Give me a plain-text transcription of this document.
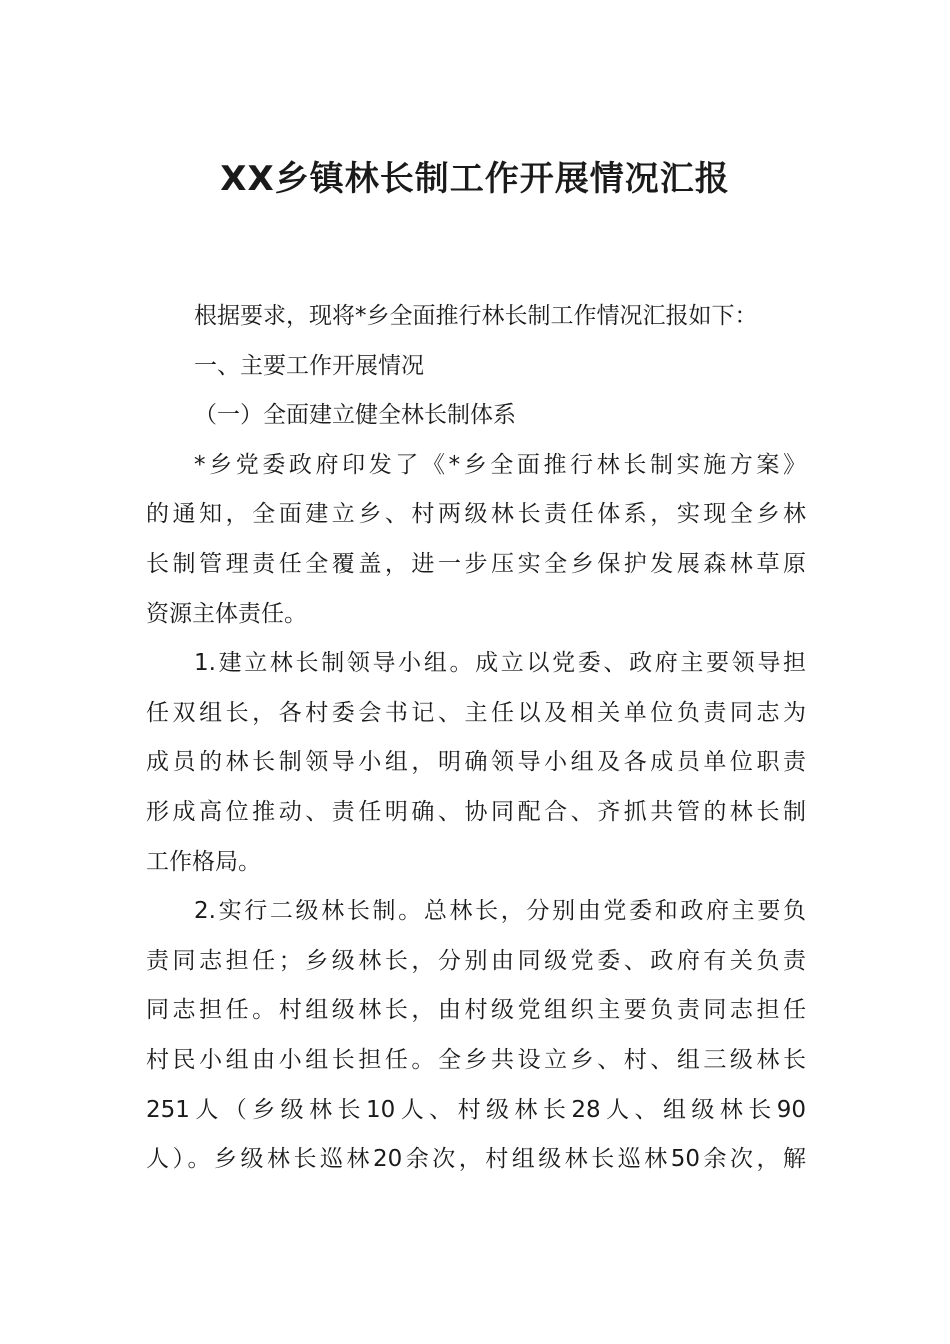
XX乡镇林长制工作开展情况汇报
根据要求，现将*乡全面推行林长制工作情况汇报如下：
一、主要工作开展情况
（一）全面建立健全林长制体系
*乡党委政府印发了《*乡全面推行林长制实施方案》
的通知，全面建立乡、村两级林长责任体系，实现全乡林
长制管理责任全覆盖，进一步压实全乡保护发展森林草原
资源主体责任。
1.建立林长制领导小组。成立以党委、政府主要领导担
任双组长，各村委会书记、主任以及相关单位负责同志为
成员的林长制领导小组，明确领导小组及各成员单位职责
形成高位推动、责任明确、协同配合、齐抓共管的林长制
工作格局。
2.实行二级林长制。总林长，分别由党委和政府主要负
责同志担任；乡级林长，分别由同级党委、政府有关负责
同志担任。村组级林长，由村级党组织主要负责同志担任
村民小组由小组长担任。全乡共设立乡、村、组三级林长
251人（乡级林长10人、村级林长28人、组级林长90
人）。乡级林长巡林20余次，村组级林长巡林50余次，解
